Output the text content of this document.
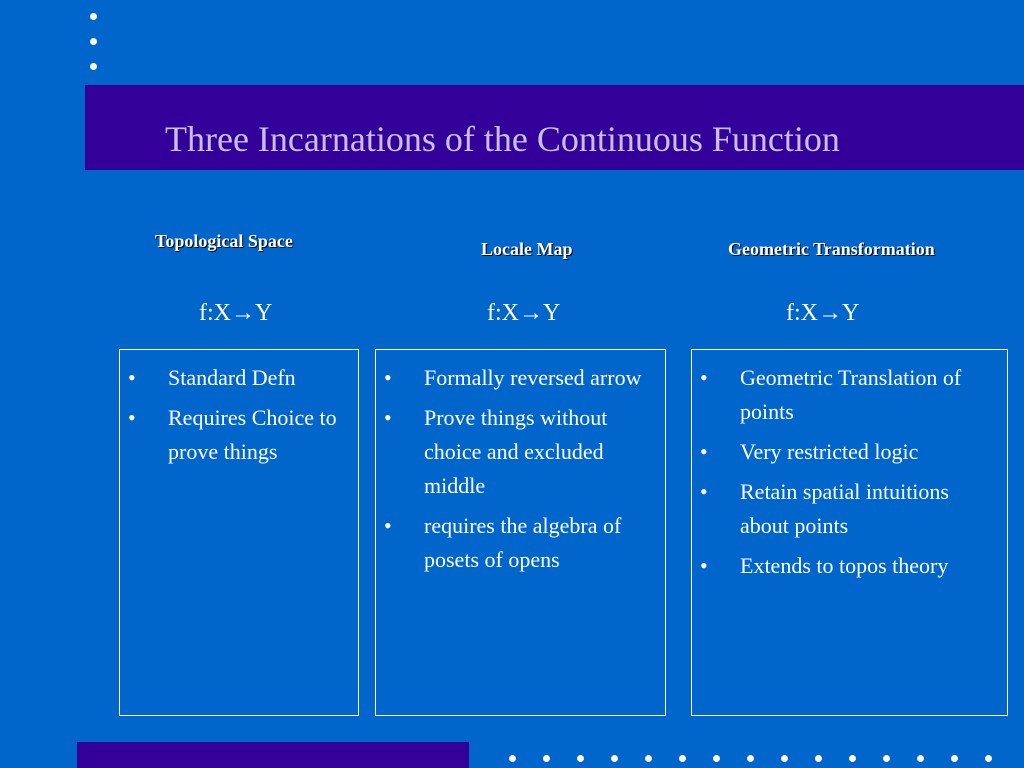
Three Incarnations of the Continuous Function
Topological Space	Locale Map	Geometric Transformation
f:X→Y	f:X→Y	f:X→Y
•	Standard Defn
•	Requires Choice to prove things
•	Formally reversed arrow
•	Prove things without choice and excluded middle
•	requires the algebra of posets of opens
•	Geometric Translation of points
•	Very restricted logic
•	Retain spatial intuitions about points
•	Extends to topos theory
